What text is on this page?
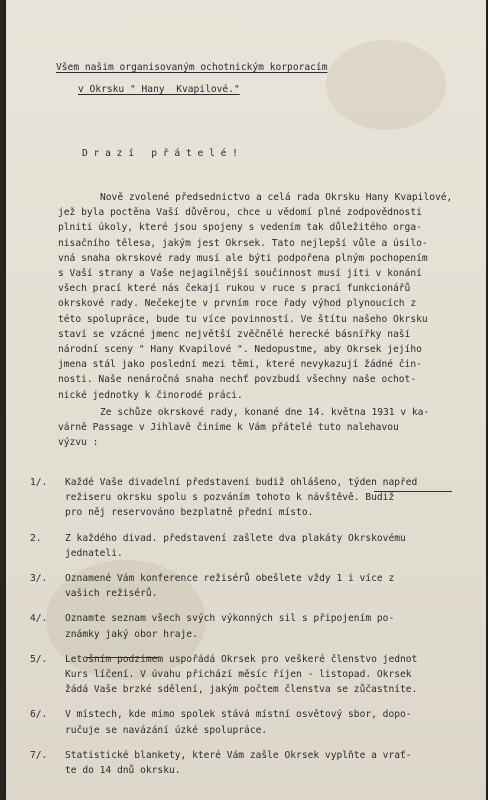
Všem našim organisovaným ochotnickým korporacím

v Okrsku " Hany  Kvapilové."

D r a z í   p ř á t e l é !
Nově zvolené předsednictvo a celá rada Okrsku Hany Kvapilové,
jež byla poctěna Vaší důvěrou, chce u vědomí plné zodpovědnosti
plniti úkoly, které jsou spojeny s vedením tak důležitého orga-
nisačního tělesa, jakým jest Okrsek. Tato nejlepší vůle a úsilo-
vná snaha okrskové rady musí ale býti podpořena plným pochopením
s Vaší strany a Vaše nejagilnější součinnost musí jíti v konání
všech prací které nás čekají rukou v ruce s prací funkcionářů
okrskové rady. Nečekejte v prvním roce řady výhod plynoucích z
této spolupráce, bude tu více povinností. Ve štítu našeho Okrsku
staví se vzácné jmenc největší zvěčnělé herecké básnířky naší
národní sceny " Hany Kvapilové ". Nedopustme, aby Okrsek jejího
jmena stál jako poslední mezi těmi, které nevykazují žádné čin-
nosti. Naše nenáročná snaha nechť povzbudí všechny naše ochot-
nické jednotky k činorodé práci.
Ze schůze okrskové rady, konané dne 14. května 1931 v ka-
várně Passage v Jihlavě činíme k Vám přátelé tuto nalehavou
výzvu :
1/. Každé Vaše divadelní představení budiž ohlášeno, týden napřed
režiseru okrsku spolu s pozváním tohoto k návštěvě. Budiž
pro něj reservováno bezplatně přední místo.
2. Z každého divad. představení zašlete dva plakáty Okrskovému
jednateli.
3/. Oznamené Vám konference režisérů obešlete vždy 1 i více z
vašich režisérů.
4/. Oznamte seznam všech svých výkonných sil s připojením po-
známky jaký obor hraje.
5/. Letošním podzimem uspořádá Okrsek pro veškeré členstvo jednot
Kurs líčení. V úvahu přichází měsíc říjen - listopad. Okrsek
žádá Vaše brzké sdělení, jakým počtem členstva se zůčastníte.
6/. V místech, kde mimo spolek stává místní osvětový sbor, dopo-
ručuje se navázání úzké spolupráce.
7/. Statistické blankety, které Vám zašle Okrsek vyplňte a vrať-
te do 14 dnů okrsku.
